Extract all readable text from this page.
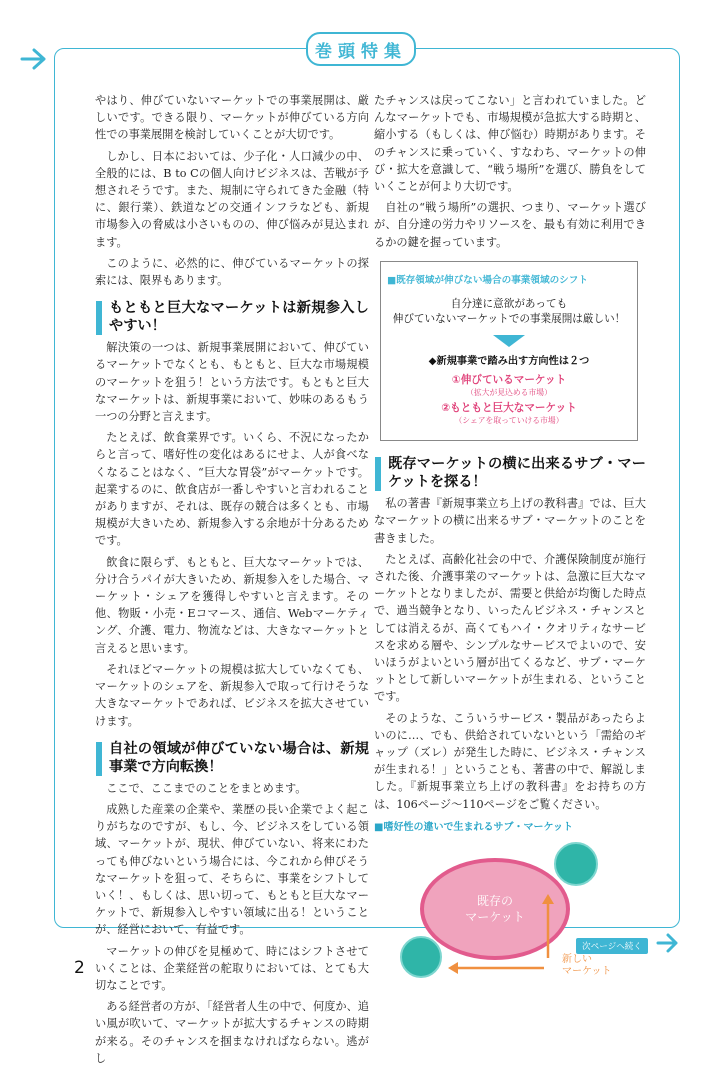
巻頭特集

やはり、伸びていないマーケットでの事業展開は、厳しいです。できる限り、マーケットが伸びている方向性での事業展開を検討していくことが大切です。

しかし、日本においては、少子化・人口減少の中、全般的には、B to Cの個人向けビジネスは、苦戦が予想されそうです。また、規制に守られてきた金融（特に、銀行業）、鉄道などの交通インフラなども、新規市場参入の脅威は小さいものの、伸び悩みが見込まれます。

このように、必然的に、伸びているマーケットの探索には、限界もあります。

もともと巨大なマーケットは新規参入しやすい！

解決策の一つは、新規事業展開において、伸びているマーケットでなくとも、もともと、巨大な市場規模のマーケットを狙う！という方法です。もともと巨大なマーケットは、新規事業において、妙味のあるもう一つの分野と言えます。

たとえば、飲食業界です。いくら、不況になったからと言って、嗜好性の変化はあるにせよ、人が食べなくなることはなく、“巨大な胃袋”がマーケットです。起業するのに、飲食店が一番しやすいと言われることがありますが、それは、既存の競合は多くとも、市場規模が大きいため、新規参入する余地が十分あるためです。

飲食に限らず、もともと、巨大なマーケットでは、分け合うパイが大きいため、新規参入をした場合、マーケット・シェアを獲得しやすいと言えます。その他、物販・小売・Eコマース、通信、Webマーケティング、介護、電力、物流などは、大きなマーケットと言えると思います。

それほどマーケットの規模は拡大していなくても、マーケットのシェアを、新規参入で取って行けそうな大きなマーケットであれば、ビジネスを拡大させていけます。

自社の領域が伸びていない場合は、新規事業で方向転換！

ここで、ここまでのことをまとめます。

成熟した産業の企業や、業歴の長い企業でよく起こりがちなのですが、もし、今、ビジネスをしている領域、マーケットが、現状、伸びていない、将来にわたっても伸びないという場合には、今これから伸びそうなマーケットを狙って、そちらに、事業をシフトしていく！、もしくは、思い切って、もともと巨大なマーケットで、新規参入しやすい領域に出る！ということが、経営において、有益です。

マーケットの伸びを見極めて、時にはシフトさせていくことは、企業経営の舵取りにおいては、とても大切なことです。

ある経営者の方が、「経営者人生の中で、何度か、追い風が吹いて、マーケットが拡大するチャンスの時期が来る。そのチャンスを掴まなければならない。逃がし

たチャンスは戻ってこない」と言われていました。どんなマーケットでも、市場規模が急拡大する時期と、縮小する（もしくは、伸び悩む）時期があります。そのチャンスに乗っていく、すなわち、マーケットの伸び・拡大を意識して、“戦う場所”を選び、勝負をしていくことが何より大切です。

自社の“戦う場所”の選択、つまり、マーケット選びが、自分達の労力やリソースを、最も有効に利用できるかの鍵を握っています。

■既存領域が伸びない場合の事業領域のシフト
自分達に意欲があっても
伸びていないマーケットでの事業展開は厳しい！
◆新規事業で踏み出す方向性は２つ
①伸びているマーケット
（拡大が見込める市場）
②もともと巨大なマーケット
（シェアを取っていける市場）
既存マーケットの横に出来るサブ・マーケットを探る！

私の著書『新規事業立ち上げの教科書』では、巨大なマーケットの横に出来るサブ・マーケットのことを書きました。

たとえば、高齢化社会の中で、介護保険制度が施行された後、介護事業のマーケットは、急激に巨大なマーケットとなりましたが、需要と供給が均衡した時点で、過当競争となり、いったんビジネス・チャンスとしては消えるが、高くてもハイ・クオリティなサービスを求める層や、シンプルなサービスでよいので、安いほうがよいという層が出てくるなど、サブ・マーケットとして新しいマーケットが生まれる、ということです。

そのような、こういうサービス・製品があったらよいのに…、でも、供給されていないという「需給のギャップ（ズレ）が発生した時に、ビジネス・チャンスが生まれる！」ということも、著書の中で、解説しました。『新規事業立ち上げの教科書』をお持ちの方は、106ページ〜110ページをご覧ください。

■嗜好性の違いで生まれるサブ・マーケット
既存の
マーケット
新しい
マーケット
2
次ページへ続く
